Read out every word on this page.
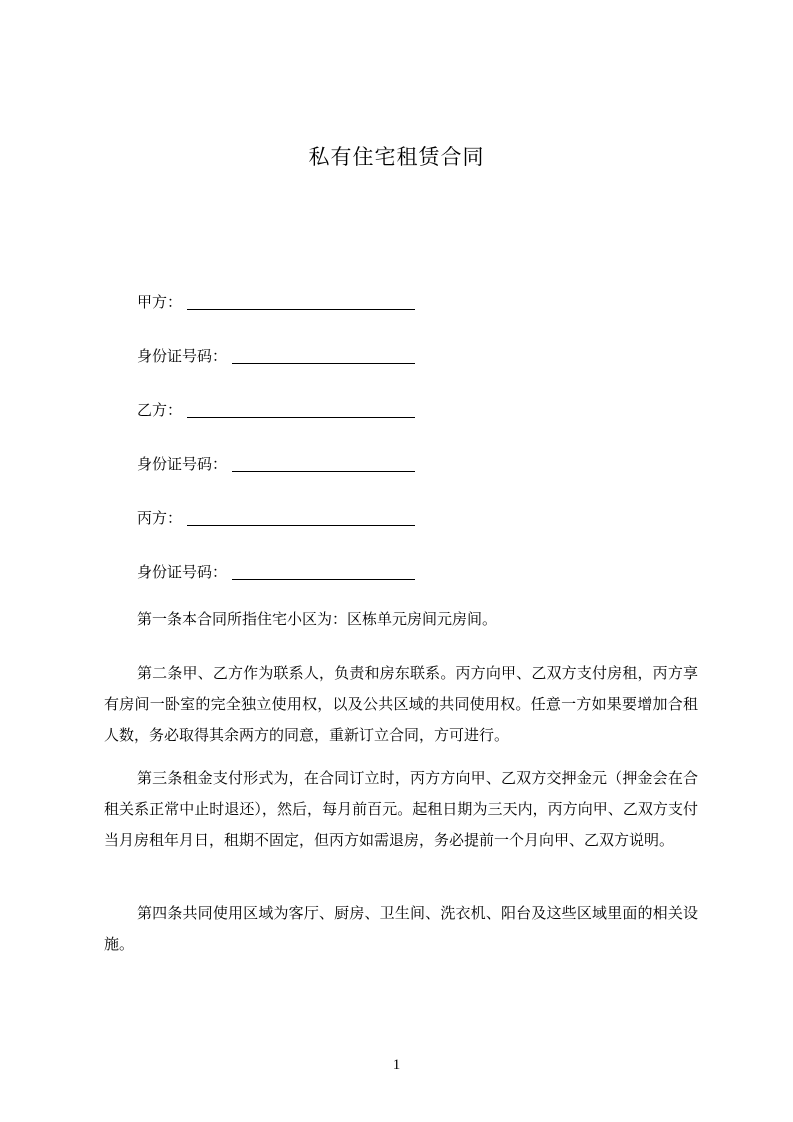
私有住宅租赁合同
甲方：
身份证号码：
乙方：
身份证号码：
丙方：
身份证号码：

第一条本合同所指住宅小区为：区栋单元房间元房间。

第二条甲、乙方作为联系人，负责和房东联系。丙方向甲、乙双方支付房租，丙方享有房间一卧室的完全独立使用权，以及公共区域的共同使用权。任意一方如果要增加合租人数，务必取得其余两方的同意，重新订立合同，方可进行。

第三条租金支付形式为，在合同订立时，丙方方向甲、乙双方交押金元（押金会在合租关系正常中止时退还），然后，每月前百元。起租日期为三天内，丙方向甲、乙双方支付当月房租年月日，租期不固定，但丙方如需退房，务必提前一个月向甲、乙双方说明。

第四条共同使用区域为客厅、厨房、卫生间、洗衣机、阳台及这些区域里面的相关设施。

1
